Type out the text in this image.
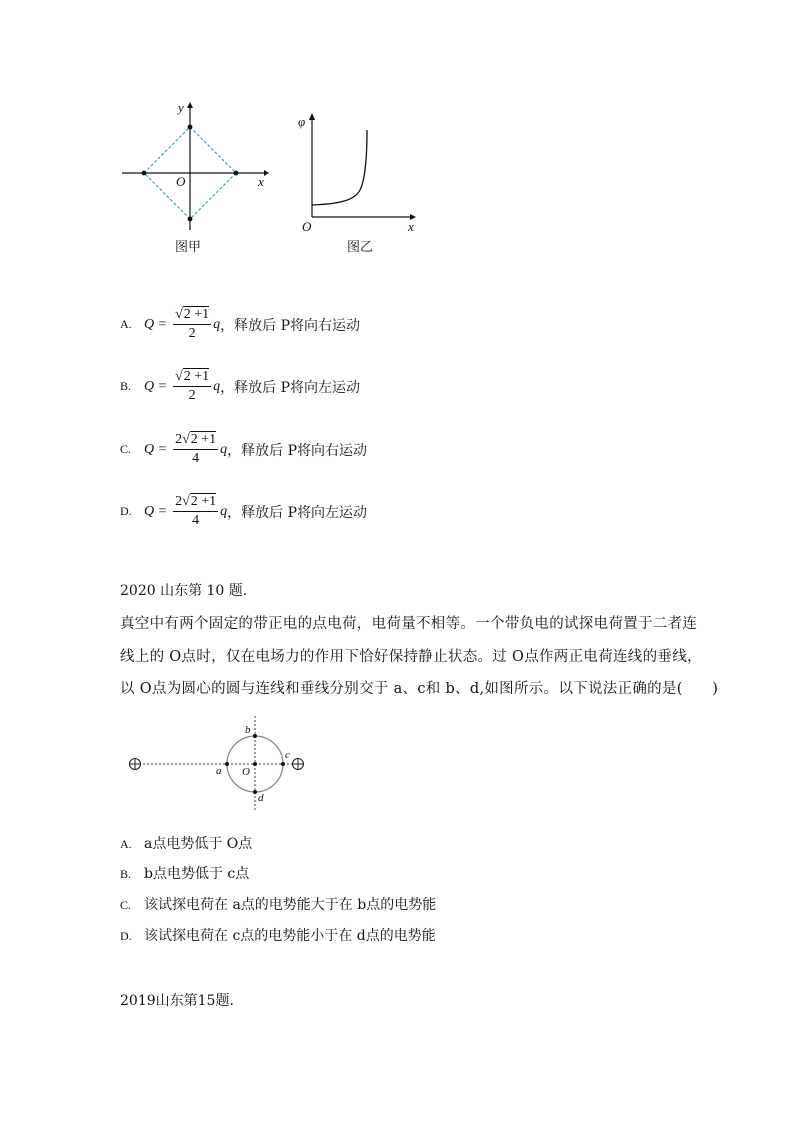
y
x
O
图甲
φ
x
O
图乙
A. $Q = \frac{√2 +1}{2}$ q ，释放后 P将向右运动
B. $Q = \frac{√2 +1}{2}$ q ，释放后 P将向左运动
C. $Q = \frac{2√2 +1}{4}$ q ，释放后 P将向右运动
D. $Q = \frac{2√2 +1}{4}$ q ，释放后 P将向左运动
2020 山东第 10 题.
真空中有两个固定的带正电的点电荷，电荷量不相等。一个带负电的试探电荷置于二者连
线上的 O点时，仅在电场力的作用下恰好保持静止状态。过 O点作两正电荷连线的垂线，
以 O点为圆心的圆与连线和垂线分别交于 a、c和 b、d,如图所示。以下说法正确的是(　　)
a
b
c
d
O
A. a点电势低于 O点
B. b点电势低于 c点
C. 该试探电荷在 a点的电势能大于在 b点的电势能
D. 该试探电荷在 c点的电势能小于在 d点的电势能
2019山东第15题.
